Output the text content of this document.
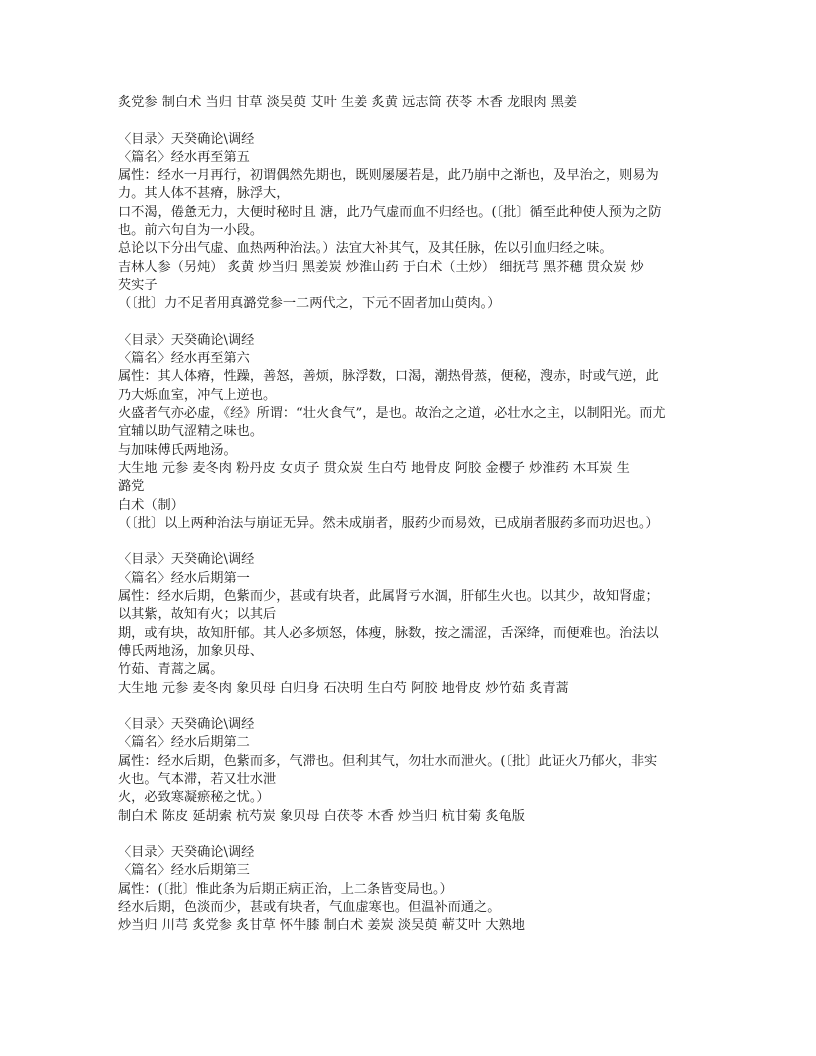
炙党参 制白术 当归 甘草 淡吴萸 艾叶 生姜 炙黄 远志筒 茯苓 木香 龙眼肉 黑姜
〈目录〉天癸确论\调经
〈篇名〉经水再至第五
属性：经水一月再行，初谓偶然先期也，既则屡屡若是，此乃崩中之渐也，及早治之，则易为
力。其人体不甚瘠，脉浮大，
口不渴，倦惫无力，大便时秘时且 溏，此乃气虚而血不归经也。(〔批〕循至此种使人预为之防
也。前六句自为一小段。
总论以下分出气虚、血热两种治法。）法宜大补其气，及其任脉，佐以引血归经之味。
吉林人参（另炖） 炙黄 炒当归 黑姜炭 炒淮山药 于白术（土炒） 细抚芎 黑芥穗 贯众炭 炒
芡实子
（〔批〕力不足者用真潞党参一二两代之，下元不固者加山萸肉。）
〈目录〉天癸确论\调经
〈篇名〉经水再至第六
属性：其人体瘠，性躁，善怒，善烦，脉浮数，口渴，潮热骨蒸，便秘，溲赤，时或气逆，此
乃大烁血室，冲气上逆也。
火盛者气亦必虚，《经》所谓：“壮火食气”，是也。故治之之道，必壮水之主，以制阳光。而尤
宜辅以助气涩精之味也。
与加味傅氏两地汤。
大生地 元参 麦冬肉 粉丹皮 女贞子 贯众炭 生白芍 地骨皮 阿胶 金樱子 炒淮药 木耳炭 生
潞党
白术（制）
（〔批〕以上两种治法与崩证无异。然未成崩者，服药少而易效，已成崩者服药多而功迟也。）
〈目录〉天癸确论\调经
〈篇名〉经水后期第一
属性：经水后期，色紫而少，甚或有块者，此属肾亏水涸，肝郁生火也。以其少，故知肾虚；
以其紫，故知有火；以其后
期，或有块，故知肝郁。其人必多烦怒，体瘦，脉数，按之濡涩，舌深绛，而便难也。治法以
傅氏两地汤，加象贝母、
竹茹、青蒿之属。
大生地 元参 麦冬肉 象贝母 白归身 石决明 生白芍 阿胶 地骨皮 炒竹茹 炙青蒿
〈目录〉天癸确论\调经
〈篇名〉经水后期第二
属性：经水后期，色紫而多，气滞也。但利其气，勿壮水而泄火。(〔批〕此证火乃郁火，非实
火也。气本滞，若又壮水泄
火，必致寒凝瘀秘之忧。）
制白术 陈皮 延胡索 杭芍炭 象贝母 白茯苓 木香 炒当归 杭甘菊 炙龟版
〈目录〉天癸确论\调经
〈篇名〉经水后期第三
属性：(〔批〕惟此条为后期正病正治，上二条皆变局也。）
经水后期，色淡而少，甚或有块者，气血虚寒也。但温补而通之。
炒当归 川芎 炙党参 炙甘草 怀牛膝 制白术 姜炭 淡吴萸 蕲艾叶 大熟地
